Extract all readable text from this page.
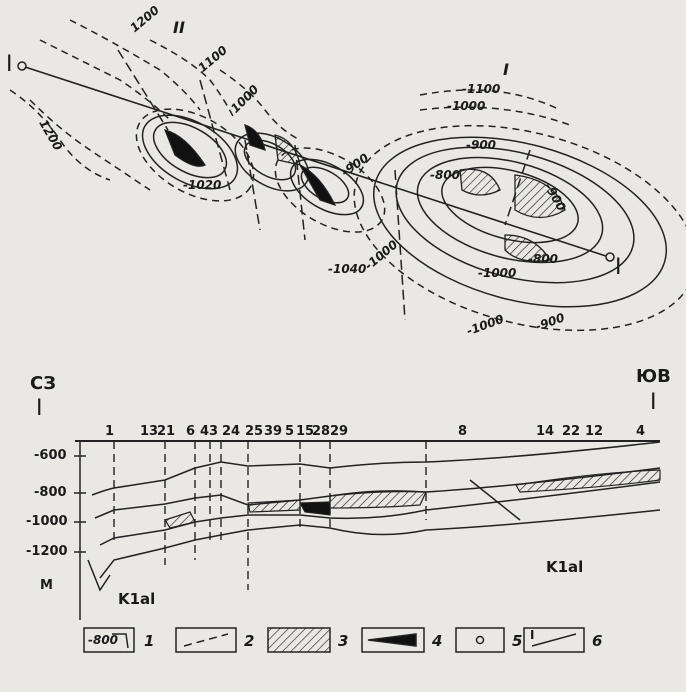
I
I
I
II
1200
1100
1000
1200
-1020
-900
-1000
-1040	-1000
-1100
-1000
-900
-800
-800
-900
-1000 -900
СЗ
I
ЮВ
I
1 13
21 6 43 24 25 39 5 15
28 29	8	14 22 12	4
-600
-800
-1000
-1200
М
K1al
K1al
-800 1	2	3	4	5 I	6
